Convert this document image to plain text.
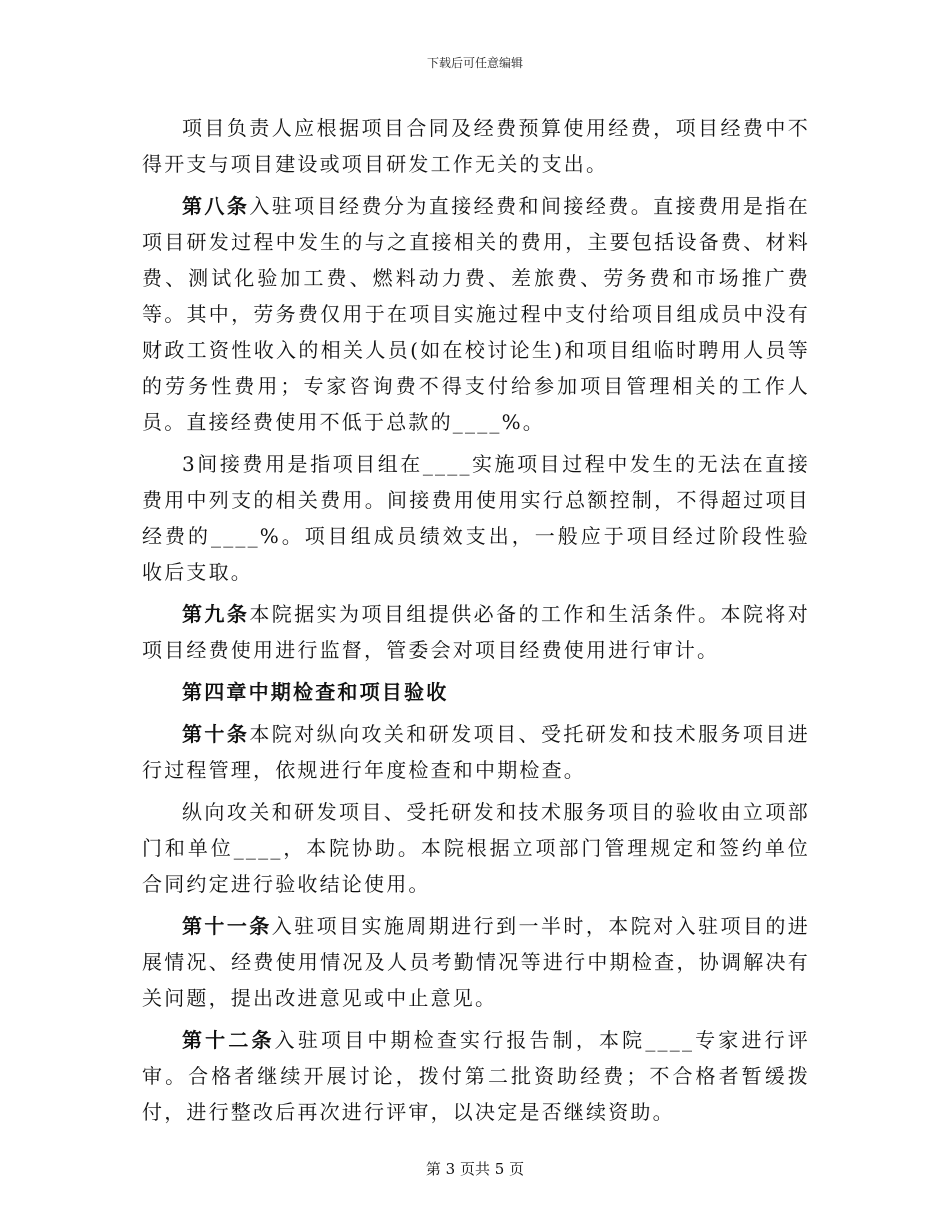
下载后可任意编辑

项目负责人应根据项目合同及经费预算使用经费，项目经费中不得开支与项目建设或项目研发工作无关的支出。

第八条入驻项目经费分为直接经费和间接经费。直接费用是指在项目研发过程中发生的与之直接相关的费用，主要包括设备费、材料费、测试化验加工费、燃料动力费、差旅费、劳务费和市场推广费等。其中，劳务费仅用于在项目实施过程中支付给项目组成员中没有财政工资性收入的相关人员(如在校讨论生)和项目组临时聘用人员等的劳务性费用；专家咨询费不得支付给参加项目管理相关的工作人员。直接经费使用不低于总款的____%。

3间接费用是指项目组在____实施项目过程中发生的无法在直接费用中列支的相关费用。间接费用使用实行总额控制，不得超过项目经费的____%。项目组成员绩效支出，一般应于项目经过阶段性验收后支取。

第九条本院据实为项目组提供必备的工作和生活条件。本院将对项目经费使用进行监督，管委会对项目经费使用进行审计。

第四章中期检查和项目验收

第十条本院对纵向攻关和研发项目、受托研发和技术服务项目进行过程管理，依规进行年度检查和中期检查。

纵向攻关和研发项目、受托研发和技术服务项目的验收由立项部门和单位____，本院协助。本院根据立项部门管理规定和签约单位合同约定进行验收结论使用。

第十一条入驻项目实施周期进行到一半时，本院对入驻项目的进展情况、经费使用情况及人员考勤情况等进行中期检查，协调解决有关问题，提出改进意见或中止意见。

第十二条入驻项目中期检查实行报告制，本院____专家进行评审。合格者继续开展讨论，拨付第二批资助经费；不合格者暂缓拨付，进行整改后再次进行评审，以决定是否继续资助。

第 3 页共 5 页
